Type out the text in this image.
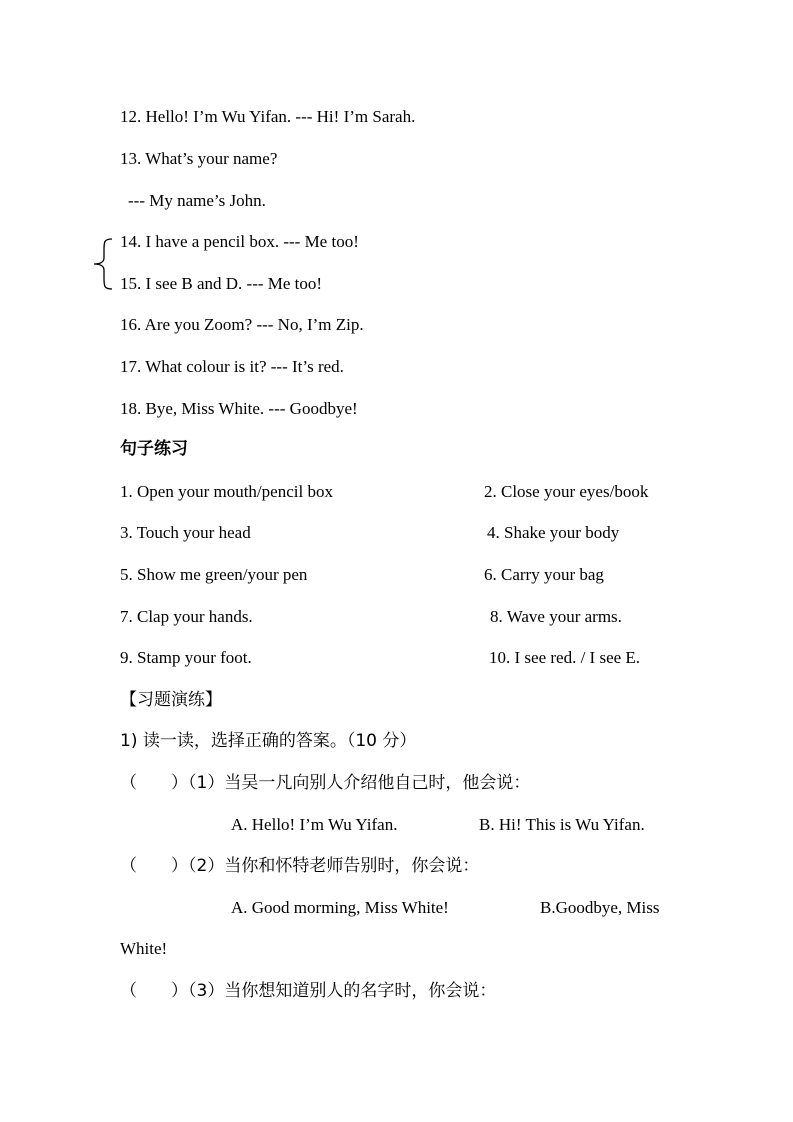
12. Hello! I’m Wu Yifan. --- Hi! I’m Sarah.
13. What’s your name?
--- My name’s John.
14. I have a pencil box. --- Me too!
15. I see B and D. --- Me too!
16. Are you Zoom? --- No, I’m Zip.
17. What colour is it? --- It’s red.
18. Bye, Miss White. --- Goodbye!
句子练习
1. Open your mouth/pencil box	2. Close your eyes/book
3. Touch your head	4. Shake your body
5. Show me green/your pen	6. Carry your bag
7. Clap your hands.	8. Wave your arms.
9. Stamp your foot.	10. I see red. / I see E.
【习题演练】
1) 读一读，选择正确的答案。（10 分）
（　　）（1）当吴一凡向别人介绍他自己时，他会说：
A. Hello! I’m Wu Yifan.	B. Hi! This is Wu Yifan.
（　　）（2）当你和怀特老师告别时，你会说：
A. Good morming, Miss White!	B.Goodbye, Miss
White!
（　　）（3）当你想知道别人的名字时，你会说：
